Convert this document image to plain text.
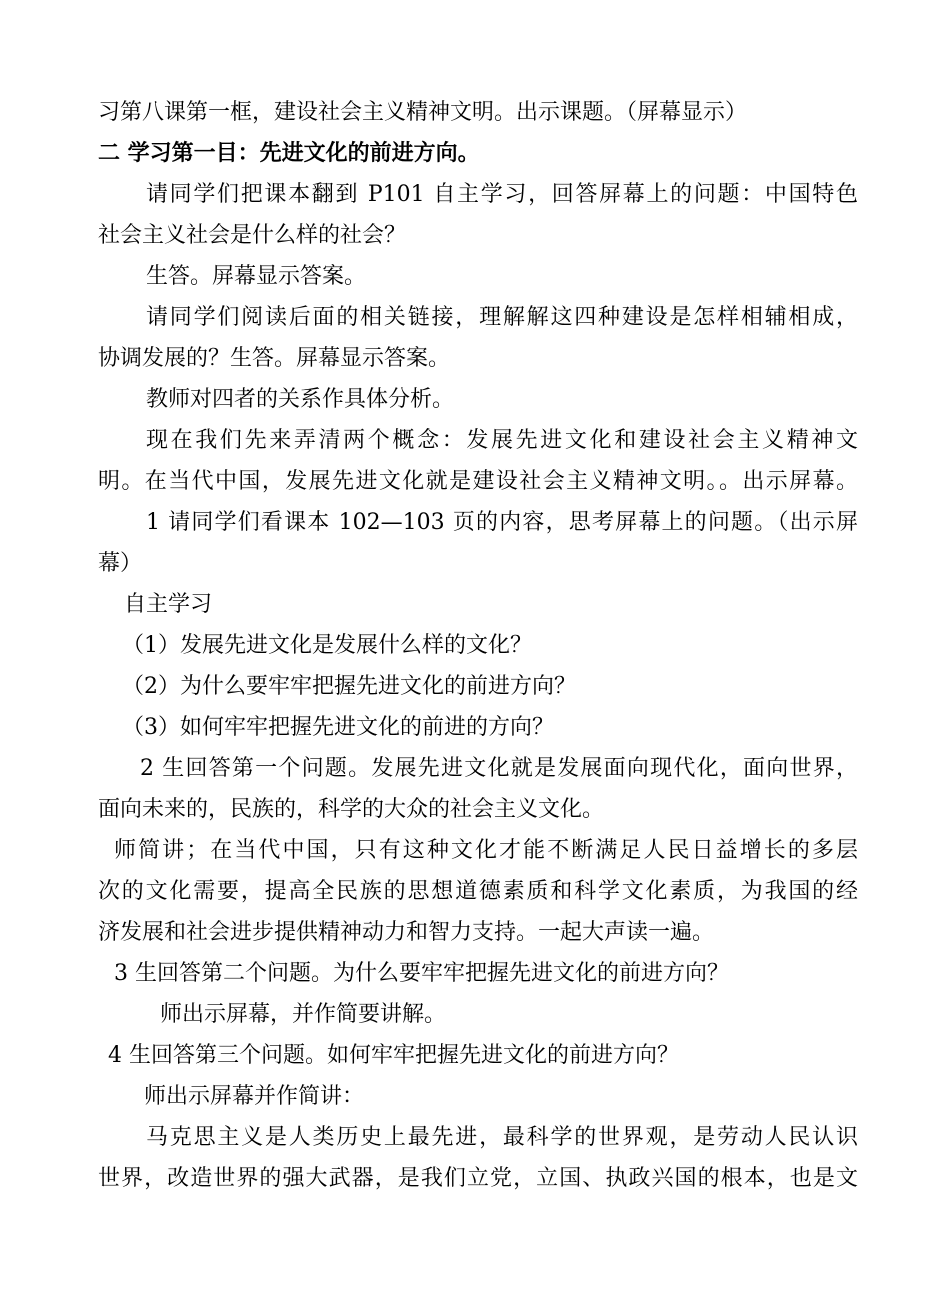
习第八课第一框，建设社会主义精神文明。出示课题。（屏幕显示）
二 学习第一目：先进文化的前进方向。
请同学们把课本翻到 P101 自主学习，回答屏幕上的问题：中国特色
社会主义社会是什么样的社会？
生答。屏幕显示答案。
请同学们阅读后面的相关链接，理解解这四种建设是怎样相辅相成，
协调发展的？生答。屏幕显示答案。
教师对四者的关系作具体分析。
现在我们先来弄清两个概念：发展先进文化和建设社会主义精神文
明。在当代中国，发展先进文化就是建设社会主义精神文明。。出示屏幕。
1 请同学们看课本 102—103 页的内容，思考屏幕上的问题。（出示屏
幕）
自主学习
（1）发展先进文化是发展什么样的文化？
（2）为什么要牢牢把握先进文化的前进方向？
（3）如何牢牢把握先进文化的前进的方向？
2 生回答第一个问题。发展先进文化就是发展面向现代化，面向世界，
面向未来的，民族的，科学的大众的社会主义文化。
师简讲；在当代中国，只有这种文化才能不断满足人民日益增长的多层
次的文化需要，提高全民族的思想道德素质和科学文化素质，为我国的经
济发展和社会进步提供精神动力和智力支持。一起大声读一遍。
3 生回答第二个问题。为什么要牢牢把握先进文化的前进方向？
师出示屏幕，并作简要讲解。
4 生回答第三个问题。如何牢牢把握先进文化的前进方向？
师出示屏幕并作简讲：
马克思主义是人类历史上最先进，最科学的世界观，是劳动人民认识
世界，改造世界的强大武器，是我们立党，立国、执政兴国的根本，也是文
